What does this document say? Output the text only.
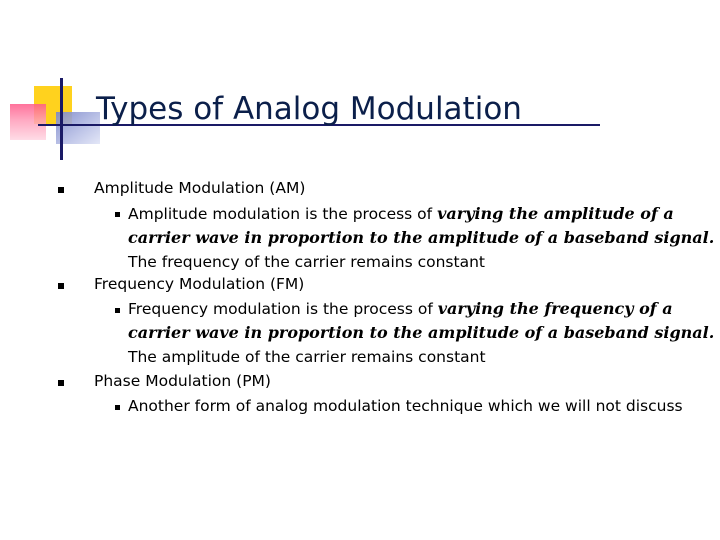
Types of Analog Modulation
Amplitude Modulation (AM)
Amplitude modulation is the process of varying the amplitude of a carrier wave in proportion to the amplitude of a baseband signal. The frequency of the carrier remains constant
Frequency Modulation (FM)
Frequency modulation is the process of varying the frequency of a carrier wave in proportion to the amplitude of a baseband signal. The amplitude of the carrier remains constant
Phase Modulation (PM)
Another form of analog modulation technique which we will not discuss
